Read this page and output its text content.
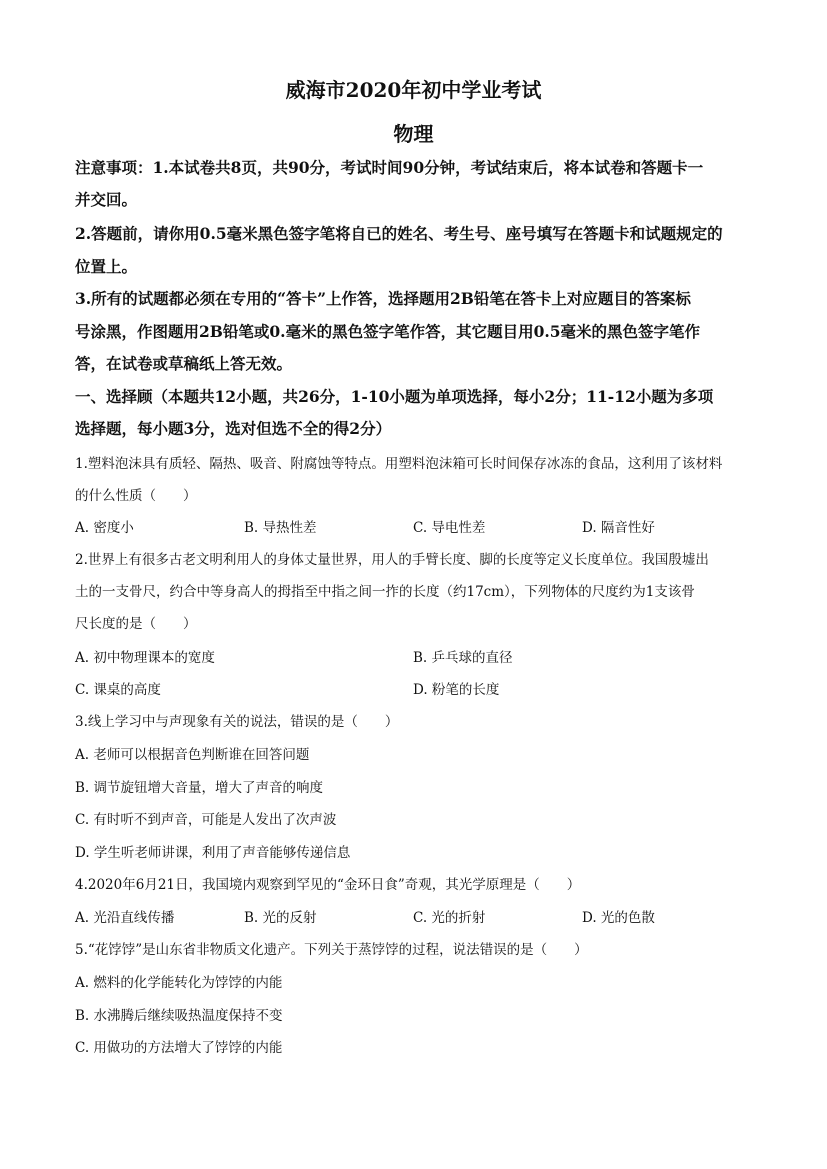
威海市2020年初中学业考试
物理
注意事项：1.本试卷共8页，共90分，考试时间90分钟，考试结束后，将本试卷和答题卡一
并交回。
2.答题前，请你用0.5毫米黑色签字笔将自已的姓名、考生号、座号填写在答题卡和试题规定的
位置上。
3.所有的试题都必须在专用的“答卡”上作答，选择题用2B铅笔在答卡上对应题目的答案标
号涂黑，作图题用2B铅笔或0.毫米的黑色签字笔作答，其它题目用0.5毫米的黑色签字笔作
答，在试卷或草稿纸上答无效。
一、选择顾（本题共12小题，共26分，1-10小题为单项选择，每小2分；11-12小题为多项
选择题，每小题3分，选对但选不全的得2分）
1.塑料泡沫具有质轻、隔热、吸音、附腐蚀等特点。用塑料泡沫箱可长时间保存冰冻的食品，这利用了该材料
的什么性质（　　）
A. 密度小	B. 导热性差	C. 导电性差	D. 隔音性好
2.世界上有很多古老文明利用人的身体丈量世界，用人的手臂长度、脚的长度等定义长度单位。我国殷墟出
土的一支骨尺，约合中等身高人的拇指至中指之间一拃的长度（约17cm），下列物体的尺度约为1支该骨
尺长度的是（　　）
A. 初中物理课本的宽度	B. 乒乓球的直径
C. 课桌的高度	D. 粉笔的长度
3.线上学习中与声现象有关的说法，错误的是（　　）
A. 老师可以根据音色判断谁在回答问题
B. 调节旋钮增大音量，增大了声音的响度
C. 有时听不到声音，可能是人发出了次声波
D. 学生听老师讲课，利用了声音能够传递信息
4.2020年6月21日，我国境内观察到罕见的“金环日食”奇观，其光学原理是（　　）
A. 光沿直线传播	B. 光的反射	C. 光的折射	D. 光的色散
5.“花饽饽”是山东省非物质文化遗产。下列关于蒸饽饽的过程，说法错误的是（　　）
A. 燃料的化学能转化为饽饽的内能
B. 水沸腾后继续吸热温度保持不变
C. 用做功的方法增大了饽饽的内能
